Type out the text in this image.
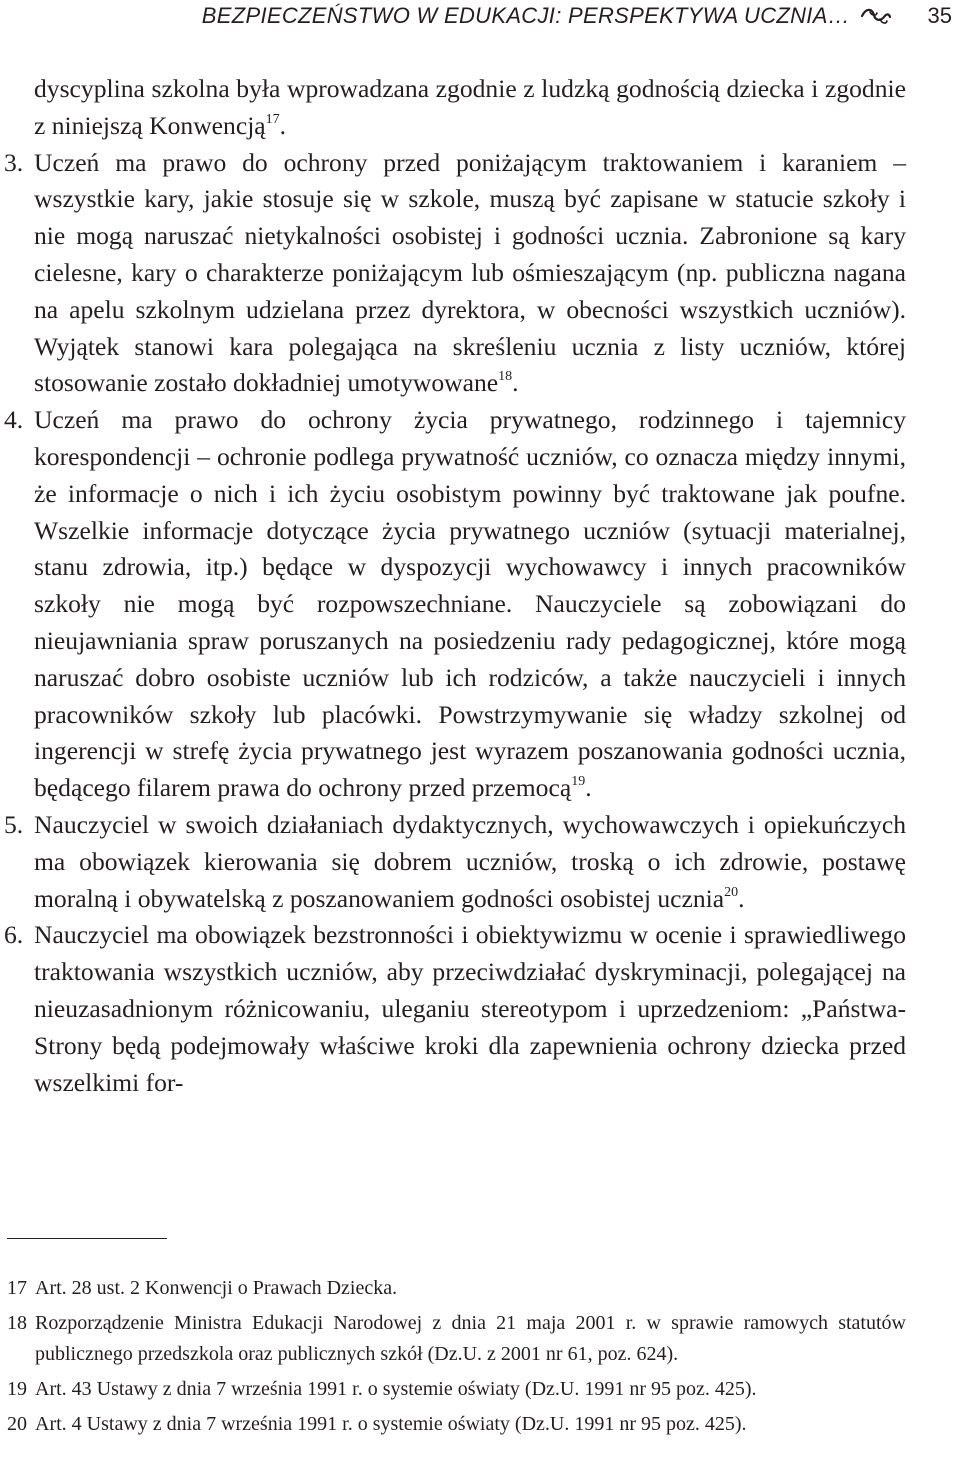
BEZPIECZEŃSTWO W EDUKACJI: PERSPEKTYWA UCZNIA…	35

dyscyplina szkolna była wprowadzana zgodnie z ludzką godnością dziecka i zgodnie z niniejszą Konwencją$^{17}$.

3. Uczeń ma prawo do ochrony przed poniżającym traktowaniem i karaniem – wszystkie kary, jakie stosuje się w szkole, muszą być zapisane w statucie szkoły i nie mogą naruszać nietykalności osobistej i godności ucznia. Zabronione są kary cielesne, kary o charakterze poniżającym lub ośmieszającym (np. publiczna nagana na apelu szkolnym udzielana przez dyrektora, w obecności wszystkich uczniów). Wyjątek stanowi kara polegająca na skreśleniu ucznia z listy uczniów, której stosowanie zostało dokładniej umotywowane$^{18}$.

4. Uczeń ma prawo do ochrony życia prywatnego, rodzinnego i tajemnicy korespondencji – ochronie podlega prywatność uczniów, co oznacza między innymi, że informacje o nich i ich życiu osobistym powinny być traktowane jak poufne. Wszelkie informacje dotyczące życia prywatnego uczniów (sytuacji materialnej, stanu zdrowia, itp.) będące w dyspozycji wychowawcy i innych pracowników szkoły nie mogą być rozpowszechniane. Nauczyciele są zobowiązani do nieujawniania spraw poruszanych na posiedzeniu rady pedagogicznej, które mogą naruszać dobro osobiste uczniów lub ich rodziców, a także nauczycieli i innych pracowników szkoły lub placówki. Powstrzymywanie się władzy szkolnej od ingerencji w strefę życia prywatnego jest wyrazem poszanowania godności ucznia, będącego filarem prawa do ochrony przed przemocą$^{19}$.

5. Nauczyciel w swoich działaniach dydaktycznych, wychowawczych i opiekuńczych ma obowiązek kierowania się dobrem uczniów, troską o ich zdrowie, postawę moralną i obywatelską z poszanowaniem godności osobistej ucznia$^{20}$.

6. Nauczyciel ma obowiązek bezstronności i obiektywizmu w ocenie i sprawiedliwego traktowania wszystkich uczniów, aby przeciwdziałać dyskryminacji, polegającej na nieuzasadnionym różnicowaniu, uleganiu stereotypom i uprzedzeniom: „Państwa-Strony będą podejmowały właściwe kroki dla zapewnienia ochrony dziecka przed wszelkimi for-

17 Art. 28 ust. 2 Konwencji o Prawach Dziecka.

18 Rozporządzenie Ministra Edukacji Narodowej z dnia 21 maja 2001 r. w sprawie ramowych statutów publicznego przedszkola oraz publicznych szkół (Dz.U. z 2001 nr 61, poz. 624).

19 Art. 43 Ustawy z dnia 7 września 1991 r. o systemie oświaty (Dz.U. 1991 nr 95 poz. 425).

20 Art. 4 Ustawy z dnia 7 września 1991 r. o systemie oświaty (Dz.U. 1991 nr 95 poz. 425).
